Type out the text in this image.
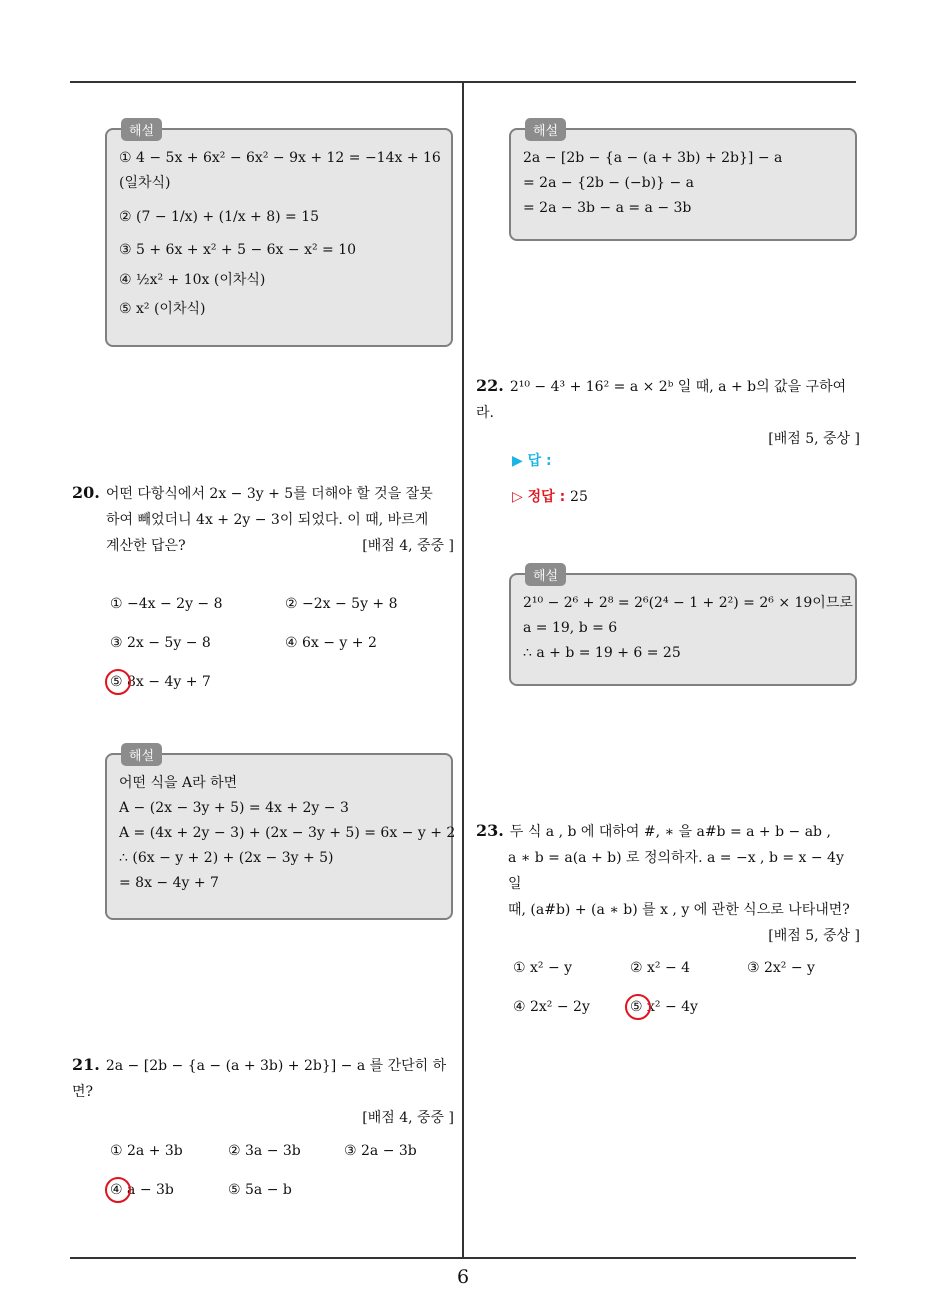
해설
① 4 − 5x + 6x² − 6x² − 9x + 12 = −14x + 16
(일차식)
② (7 − 1/x) + (1/x + 8) = 15
③ 5 + 6x + x² + 5 − 6x − x² = 10
④ ½x² + 10x (이차식)
⑤ x² (이차식)
20. 어떤 다항식에서 2x − 3y + 5를 더해야 할 것을 잘못
하여 빼었더니 4x + 2y − 3이 되었다. 이 때, 바르게
계산한 답은?	[배점 4, 중중 ]
① −4x − 2y − 8	② −2x − 5y + 8
③ 2x − 5y − 8	④ 6x − y + 2
⑤ 8x − 4y + 7
해설
어떤 식을 A라 하면
A − (2x − 3y + 5) = 4x + 2y − 3
A = (4x + 2y − 3) + (2x − 3y + 5) = 6x − y + 2
∴ (6x − y + 2) + (2x − 3y + 5)
= 8x − 4y + 7
21. 2a − [2b − {a − (a + 3b) + 2b}] − a 를 간단히 하면?
[배점 4, 중중 ]
① 2a + 3b	② 3a − 3b	③ 2a − 3b
④ a − 3b	⑤ 5a − b
해설
2a − [2b − {a − (a + 3b) + 2b}] − a
= 2a − {2b − (−b)} − a
= 2a − 3b − a = a − 3b
22. 2¹⁰ − 4³ + 16² = a × 2ᵇ 일 때, a + b의 값을 구하여라.
[배점 5, 중상 ]
▶ 답 :
▷ 정답 : 25
해설
2¹⁰ − 2⁶ + 2⁸ = 2⁶(2⁴ − 1 + 2²) = 2⁶ × 19이므로
a = 19, b = 6
∴ a + b = 19 + 6 = 25
23. 두 식 a , b 에 대하여 #, ∗ 을 a#b = a + b − ab ,
a ∗ b = a(a + b) 로 정의하자. a = −x , b = x − 4y 일
때, (a#b) + (a ∗ b) 를 x , y 에 관한 식으로 나타내면?
[배점 5, 중상 ]
① x² − y	② x² − 4	③ 2x² − y
④ 2x² − 2y	⑤ x² − 4y
6
